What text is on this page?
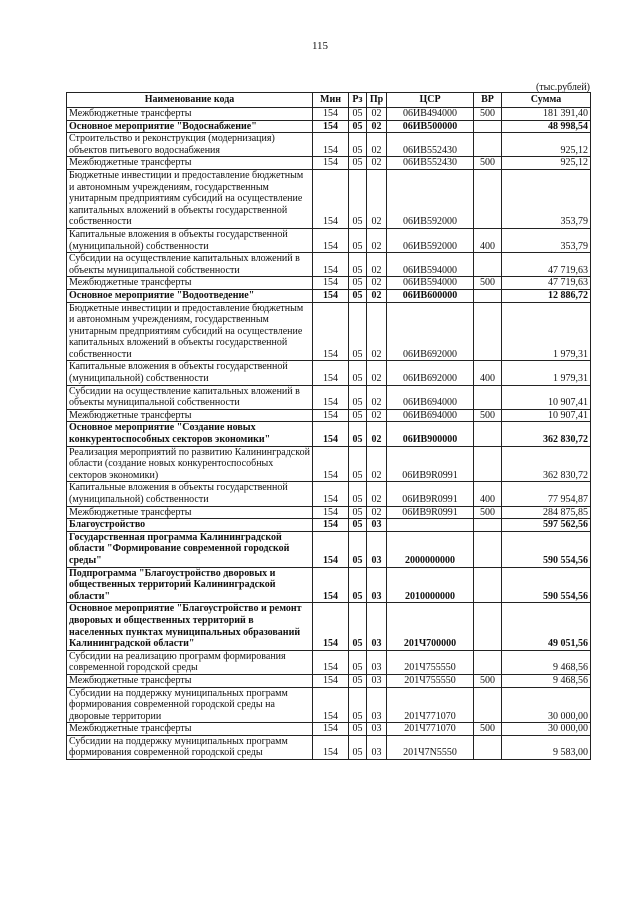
115
(тыс.рублей)
Наименование кода	Мин	Рз	Пр	ЦСР	ВР	Сумма
Межбюджетные трансферты	154	05	02	06ИВ494000	500	181 391,40
Основное мероприятие "Водоснабжение"	154	05	02	06ИВ500000		48 998,54
Строительство и реконструкция (модернизация) объектов питьевого водоснабжения	154	05	02	06ИВ552430		925,12
Межбюджетные трансферты	154	05	02	06ИВ552430	500	925,12
Бюджетные инвестиции и предоставление бюджетным и автономным учреждениям, государственным унитарным предприятиям субсидий на осуществление капитальных вложений в объекты государственной собственности	154	05	02	06ИВ592000		353,79
Капитальные вложения в объекты государственной (муниципальной) собственности	154	05	02	06ИВ592000	400	353,79
Субсидии на осуществление капитальных вложений в объекты муниципальной собственности	154	05	02	06ИВ594000		47 719,63
Межбюджетные трансферты	154	05	02	06ИВ594000	500	47 719,63
Основное мероприятие "Водоотведение"	154	05	02	06ИВ600000		12 886,72
Бюджетные инвестиции и предоставление бюджетным и автономным учреждениям, государственным унитарным предприятиям субсидий на осуществление капитальных вложений в объекты государственной собственности	154	05	02	06ИВ692000		1 979,31
Капитальные вложения в объекты государственной (муниципальной) собственности	154	05	02	06ИВ692000	400	1 979,31
Субсидии на осуществление капитальных вложений в объекты муниципальной собственности	154	05	02	06ИВ694000		10 907,41
Межбюджетные трансферты	154	05	02	06ИВ694000	500	10 907,41
Основное мероприятие "Создание новых конкурентоспособных секторов экономики"	154	05	02	06ИВ900000		362 830,72
Реализация мероприятий по развитию Калининградской области (создание новых конкурентоспособных секторов экономики)	154	05	02	06ИВ9R0991		362 830,72
Капитальные вложения в объекты государственной (муниципальной) собственности	154	05	02	06ИВ9R0991	400	77 954,87
Межбюджетные трансферты	154	05	02	06ИВ9R0991	500	284 875,85
Благоустройство	154	05	03			597 562,56
Государственная программа Калининградской области "Формирование современной городской среды"	154	05	03	2000000000		590 554,56
Подпрограмма "Благоустройство дворовых и общественных территорий Калининградской области"	154	05	03	2010000000		590 554,56
Основное мероприятие "Благоустройство и ремонт дворовых и общественных территорий в населенных пунктах муниципальных образований Калининградской области"	154	05	03	201Ч700000		49 051,56
Субсидии на реализацию программ формирования современной городской среды	154	05	03	201Ч755550		9 468,56
Межбюджетные трансферты	154	05	03	201Ч755550	500	9 468,56
Субсидии на поддержку муниципальных программ формирования современной городской среды на дворовые территории	154	05	03	201Ч771070		30 000,00
Межбюджетные трансферты	154	05	03	201Ч771070	500	30 000,00
Субсидии на поддержку муниципальных программ формирования современной городской среды	154	05	03	201Ч7N5550		9 583,00
